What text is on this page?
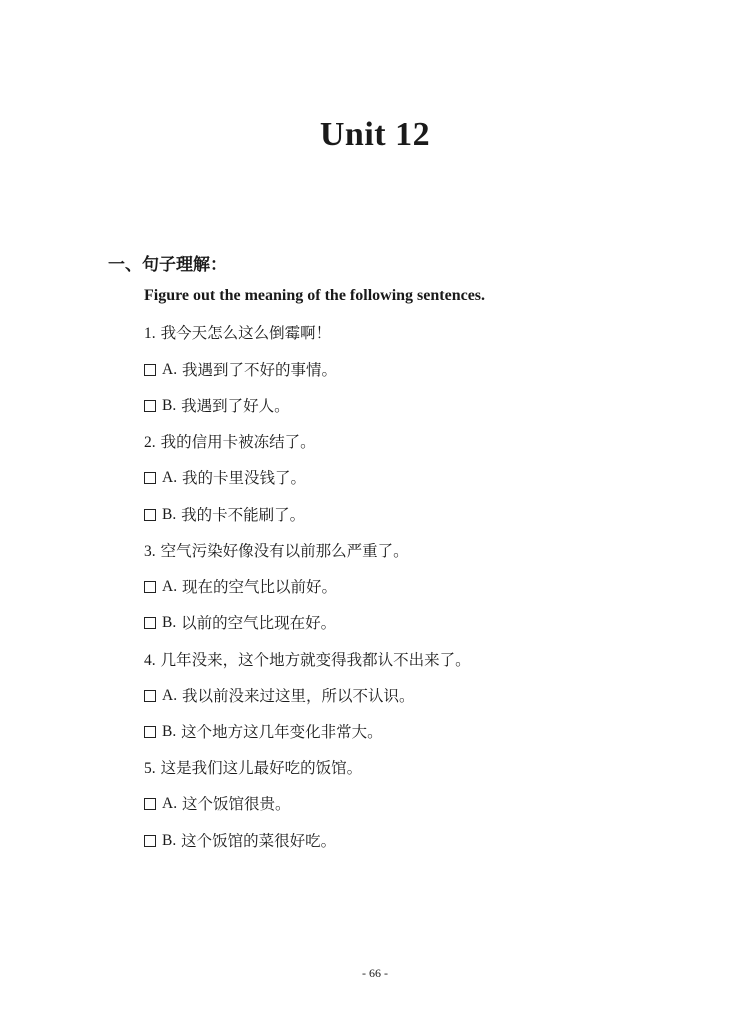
Unit 12
一、句子理解：
Figure out the meaning of the following sentences.
1. 我今天怎么这么倒霉啊！
A.
我遇到了不好的事情。
B.
我遇到了好人。
2. 我的信用卡被冻结了。
A.
我的卡里没钱了。
B.
我的卡不能刷了。
3. 空气污染好像没有以前那么严重了。
A.
现在的空气比以前好。
B.
以前的空气比现在好。
4. 几年没来，这个地方就变得我都认不出来了。
A.
我以前没来过这里，所以不认识。
B.
这个地方这几年变化非常大。
5. 这是我们这儿最好吃的饭馆。
A.
这个饭馆很贵。
B.
这个饭馆的菜很好吃。
- 66 -
